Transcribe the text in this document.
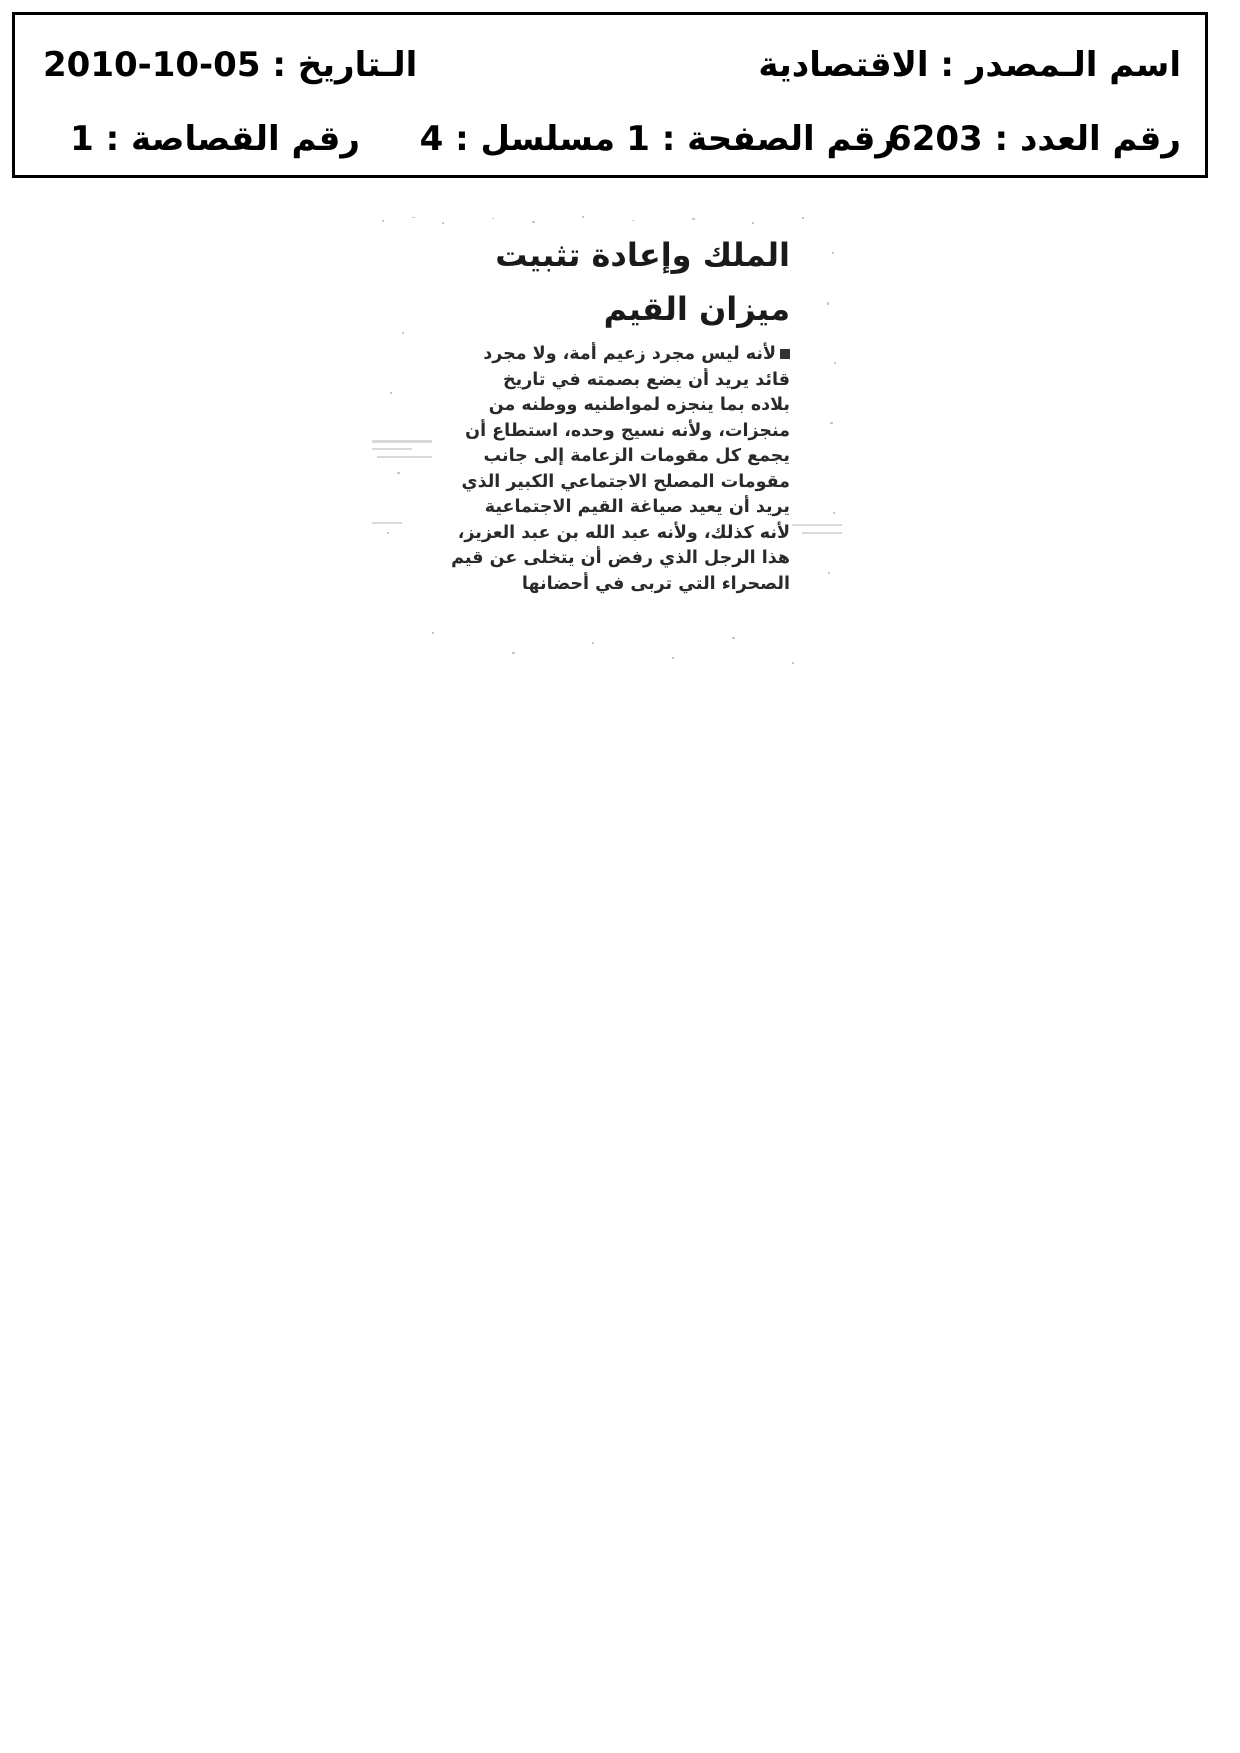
اسم الـمصدر : الاقتصادية
الـتاريخ : 2010-10-05
رقم العدد : 6203
رقم الصفحة : 1
مسلسل : 4
رقم القصاصة : 1
الملك وإعادة تثبيت
ميزان القيم
لأنه ليس مجرد زعيم أمة، ولا مجرد
قائد يريد أن يضع بصمته في تاريخ
بلاده بما ينجزه لمواطنيه ووطنه من
منجزات، ولأنه نسيج وحده، استطاع أن
يجمع كل مقومات الزعامة إلى جانب
مقومات المصلح الاجتماعي الكبير الذي
يريد أن يعيد صياغة القيم الاجتماعية
لأنه كذلك، ولأنه عبد الله بن عبد العزيز،
هذا الرجل الذي رفض أن يتخلى عن قيم
الصحراء التي تربى في أحضانها
